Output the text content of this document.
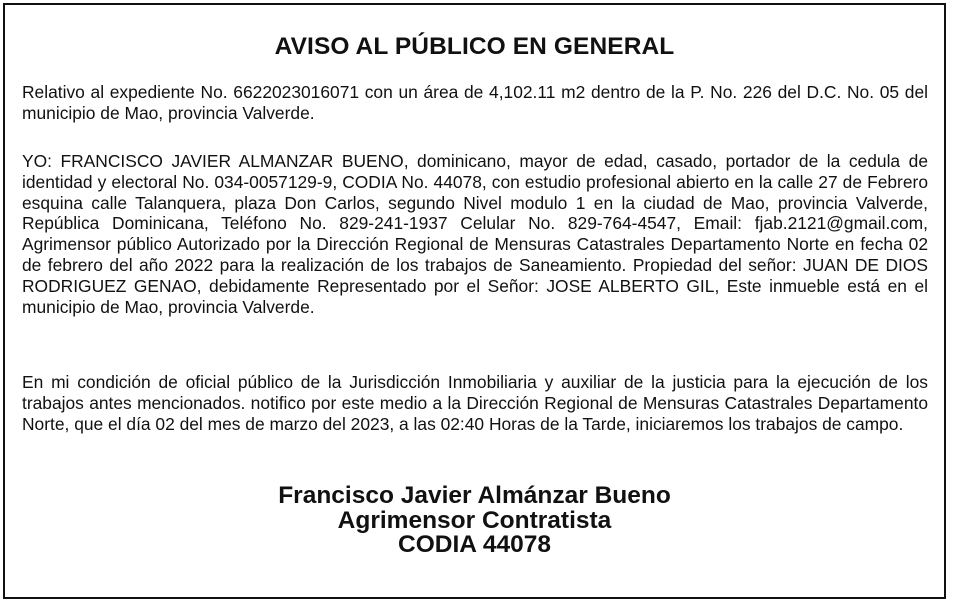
AVISO AL PÚBLICO EN GENERAL

Relativo al expediente No. 6622023016071 con un área de 4,102.11 m2 dentro de la P. No. 226 del D.C. No. 05 del municipio de Mao, provincia Valverde.

YO: FRANCISCO JAVIER ALMANZAR BUENO, dominicano, mayor de edad, casado, portador de la cedula de identidad y electoral No. 034-0057129-9, CODIA No. 44078, con estudio profesional abierto en la calle 27 de Febrero esquina calle Talanquera, plaza Don Carlos, segundo Nivel modulo 1 en la ciudad de Mao, provincia Valverde, República Dominicana, Teléfono No. 829-241-1937 Celular No. 829-764-4547, Email: fjab.2121@gmail.com, Agrimensor público Autorizado por la Dirección Regional de Mensuras Catastrales Departamento Norte en fecha 02 de febrero del año 2022 para la realización de los trabajos de Saneamiento. Propiedad del señor: JUAN DE DIOS RODRIGUEZ GENAO, debidamente Representado por el Señor: JOSE ALBERTO GIL, Este inmueble está en el municipio de Mao, provincia Valverde.

En mi condición de oficial público de la Jurisdicción Inmobiliaria y auxiliar de la justicia para la ejecución de los trabajos antes mencionados. notifico por este medio a la Dirección Regional de Mensuras Catastrales Departamento Norte, que el día 02 del mes de marzo del 2023, a las 02:40 Horas de la Tarde, iniciaremos los trabajos de campo.

Francisco Javier Almánzar Bueno
Agrimensor Contratista
CODIA 44078
